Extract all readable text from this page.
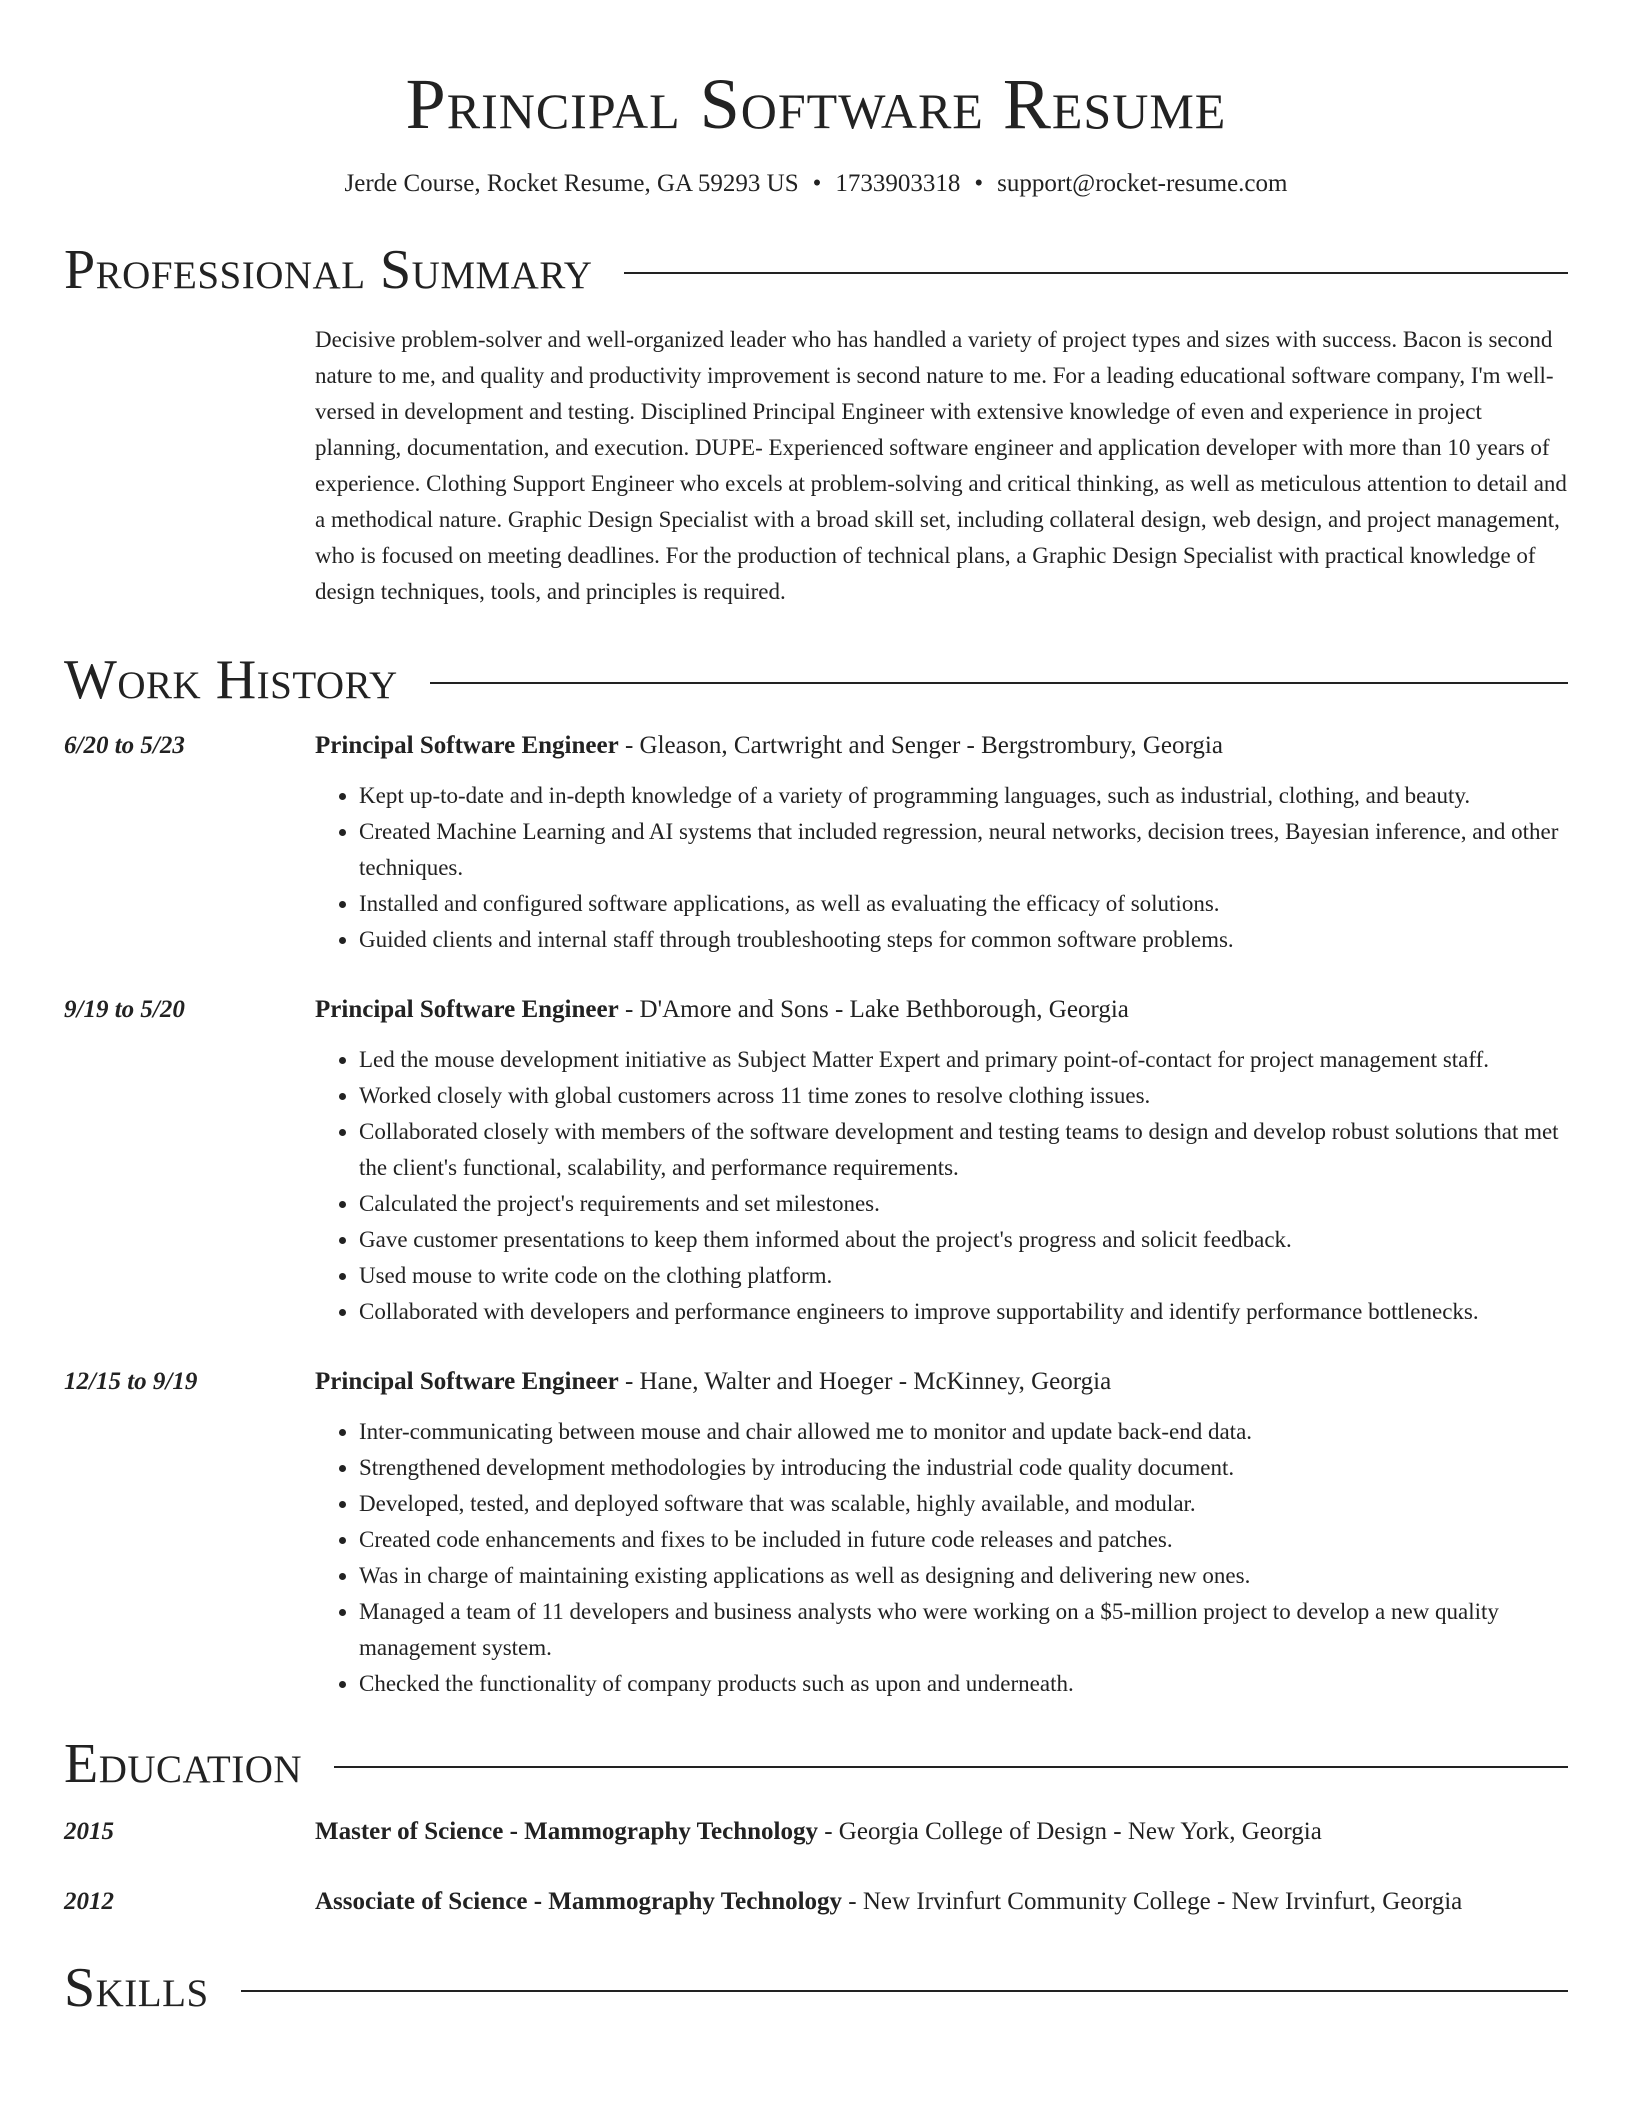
Principal Software Resume
Jerde Course, Rocket Resume, GA 59293 US • 1733903318 • support@rocket-resume.com
Professional Summary
Decisive problem-solver and well-organized leader who has handled a variety of project types and sizes with success. Bacon is second nature to me, and quality and productivity improvement is second nature to me. For a leading educational software company, I'm well-versed in development and testing. Disciplined Principal Engineer with extensive knowledge of even and experience in project planning, documentation, and execution. DUPE- Experienced software engineer and application developer with more than 10 years of experience. Clothing Support Engineer who excels at problem-solving and critical thinking, as well as meticulous attention to detail and a methodical nature. Graphic Design Specialist with a broad skill set, including collateral design, web design, and project management, who is focused on meeting deadlines. For the production of technical plans, a Graphic Design Specialist with practical knowledge of design techniques, tools, and principles is required.
Work History
6/20 to 5/23	Principal Software Engineer - Gleason, Cartwright and Senger - Bergstrombury, Georgia
• Kept up-to-date and in-depth knowledge of a variety of programming languages, such as industrial, clothing, and beauty.
• Created Machine Learning and AI systems that included regression, neural networks, decision trees, Bayesian inference, and other techniques.
• Installed and configured software applications, as well as evaluating the efficacy of solutions.
• Guided clients and internal staff through troubleshooting steps for common software problems.
9/19 to 5/20	Principal Software Engineer - D'Amore and Sons - Lake Bethborough, Georgia
• Led the mouse development initiative as Subject Matter Expert and primary point-of-contact for project management staff.
• Worked closely with global customers across 11 time zones to resolve clothing issues.
• Collaborated closely with members of the software development and testing teams to design and develop robust solutions that met the client's functional, scalability, and performance requirements.
• Calculated the project's requirements and set milestones.
• Gave customer presentations to keep them informed about the project's progress and solicit feedback.
• Used mouse to write code on the clothing platform.
• Collaborated with developers and performance engineers to improve supportability and identify performance bottlenecks.
12/15 to 9/19	Principal Software Engineer - Hane, Walter and Hoeger - McKinney, Georgia
• Inter-communicating between mouse and chair allowed me to monitor and update back-end data.
• Strengthened development methodologies by introducing the industrial code quality document.
• Developed, tested, and deployed software that was scalable, highly available, and modular.
• Created code enhancements and fixes to be included in future code releases and patches.
• Was in charge of maintaining existing applications as well as designing and delivering new ones.
• Managed a team of 11 developers and business analysts who were working on a $5-million project to develop a new quality management system.
• Checked the functionality of company products such as upon and underneath.
Education
2015	Master of Science - Mammography Technology - Georgia College of Design - New York, Georgia
2012	Associate of Science - Mammography Technology - New Irvinfurt Community College - New Irvinfurt, Georgia
Skills
